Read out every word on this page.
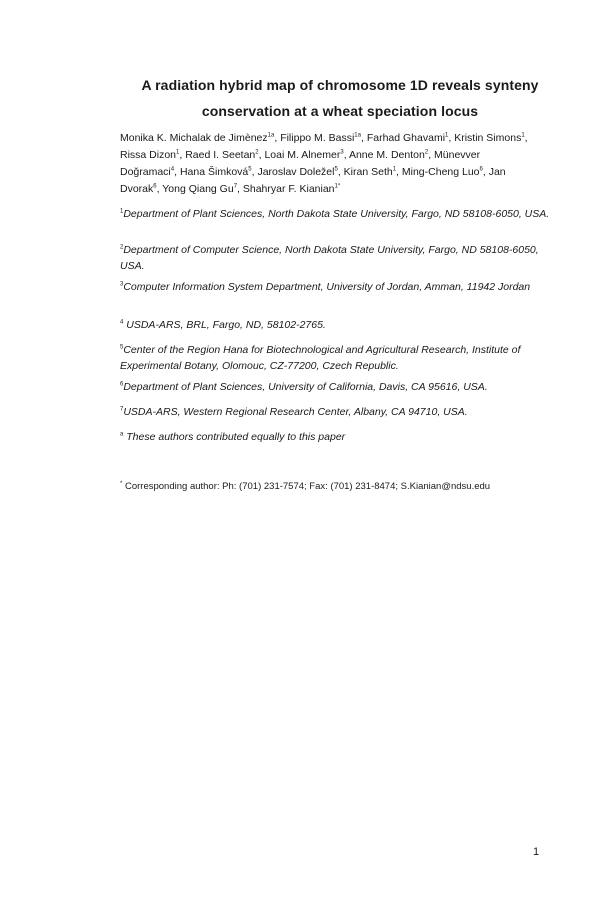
A radiation hybrid map of chromosome 1D reveals synteny
conservation at a wheat speciation locus
Monika K. Michalak de Jimènez$^{1a}$, Filippo M. Bassi$^{1a}$, Farhad Ghavami$^1$, Kristin Simons$^1$, Rissa Dizon$^1$, Raed I. Seetan$^2$, Loai M. Alnemer$^3$, Anne M. Denton$^2$, Münevver Doğramaci$^4$, Hana Šimková$^5$, Jaroslav Doležel$^5$, Kiran Seth$^1$, Ming-Cheng Luo$^6$, Jan Dvorak$^6$, Yong Qiang Gu$^7$, Shahryar F. Kianian$^{1*}$
$^1$Department of Plant Sciences, North Dakota State University, Fargo, ND 58108-6050, USA.
$^2$Department of Computer Science, North Dakota State University, Fargo, ND 58108-6050, USA.
$^3$Computer Information System Department, University of Jordan, Amman, 11942 Jordan
$^4$ USDA-ARS, BRL, Fargo, ND, 58102-2765.
$^5$Center of the Region Hana for Biotechnological and Agricultural Research, Institute of Experimental Botany, Olomouc, CZ-77200, Czech Republic.
$^6$Department of Plant Sciences, University of California, Davis, CA 95616, USA.
$^7$USDA-ARS, Western Regional Research Center, Albany, CA 94710, USA.
$^a$ These authors contributed equally to this paper
* Corresponding author: Ph: (701) 231-7574; Fax: (701) 231-8474; S.Kianian@ndsu.edu
1
